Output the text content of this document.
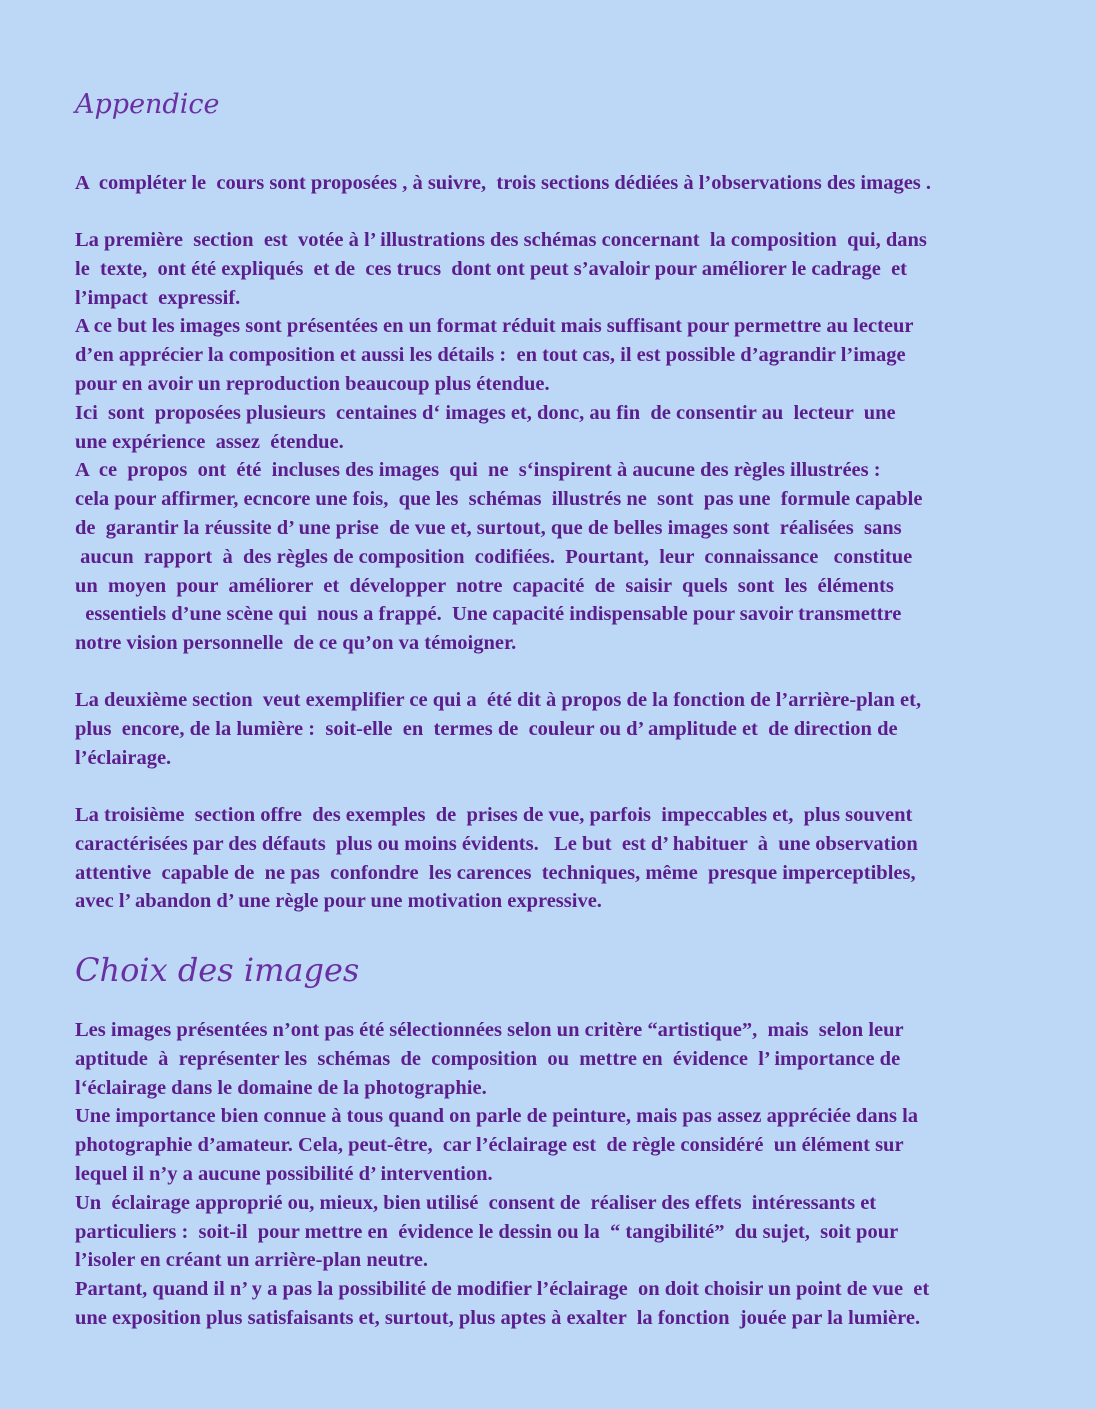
Appendice
A  compléter le  cours sont proposées , à suivre,  trois sections dédiées à l’observations des images .
La première  section  est  votée à l’ illustrations des schémas concernant  la composition  qui, dans
le  texte,  ont été expliqués  et de  ces trucs  dont ont peut s’avaloir pour améliorer le cadrage  et
l’impact  expressif.
A ce but les images sont présentées en un format réduit mais suffisant pour permettre au lecteur
d’en apprécier la composition et aussi les détails :  en tout cas, il est possible d’agrandir l’image
pour en avoir un reproduction beaucoup plus étendue.
Ici  sont  proposées plusieurs  centaines d‘ images et, donc, au fin  de consentir au  lecteur  une
une expérience  assez  étendue.
A  ce  propos  ont  été  incluses des images  qui  ne  s‘inspirent à aucune des règles illustrées :
cela pour affirmer, ecncore une fois,  que les  schémas  illustrés ne  sont  pas une  formule capable
de  garantir la réussite d’ une prise  de vue et, surtout, que de belles images sont  réalisées  sans
aucun  rapport  à  des règles de composition  codifiées.  Pourtant,  leur  connaissance   constitue
un  moyen  pour  améliorer  et  développer  notre  capacité  de  saisir  quels  sont  les  éléments
essentiels d’une scène qui  nous a frappé.  Une capacité indispensable pour savoir transmettre
notre vision personnelle  de ce qu’on va témoigner.
La deuxième section  veut exemplifier ce qui a  été dit à propos de la fonction de l’arrière-plan et,
plus  encore, de la lumière :  soit-elle  en  termes de  couleur ou d’ amplitude et  de direction de
l’éclairage.
La troisième  section offre  des exemples  de  prises de vue, parfois  impeccables et,  plus souvent
caractérisées par des défauts  plus ou moins évidents.   Le but  est d’ habituer  à  une observation
attentive  capable de  ne pas  confondre  les carences  techniques, même  presque imperceptibles,
avec l’ abandon d’ une règle pour une motivation expressive.
Choix des images
Les images présentées n’ont pas été sélectionnées selon un critère “artistique”,  mais  selon leur
aptitude  à  représenter les  schémas  de  composition  ou  mettre en  évidence  l’ importance de
l‘éclairage dans le domaine de la photographie.
Une importance bien connue à tous quand on parle de peinture, mais pas assez appréciée dans la
photographie d’amateur. Cela, peut-être,  car l’éclairage est  de règle considéré  un élément sur
lequel il n’y a aucune possibilité d’ intervention.
Un  éclairage approprié ou, mieux, bien utilisé  consent de  réaliser des effets  intéressants et
particuliers :  soit-il  pour mettre en  évidence le dessin ou la  “ tangibilité”  du sujet,  soit pour
l’isoler en créant un arrière-plan neutre.
Partant, quand il n’ y a pas la possibilité de modifier l’éclairage  on doit choisir un point de vue  et
une exposition plus satisfaisants et, surtout, plus aptes à exalter  la fonction  jouée par la lumière.
